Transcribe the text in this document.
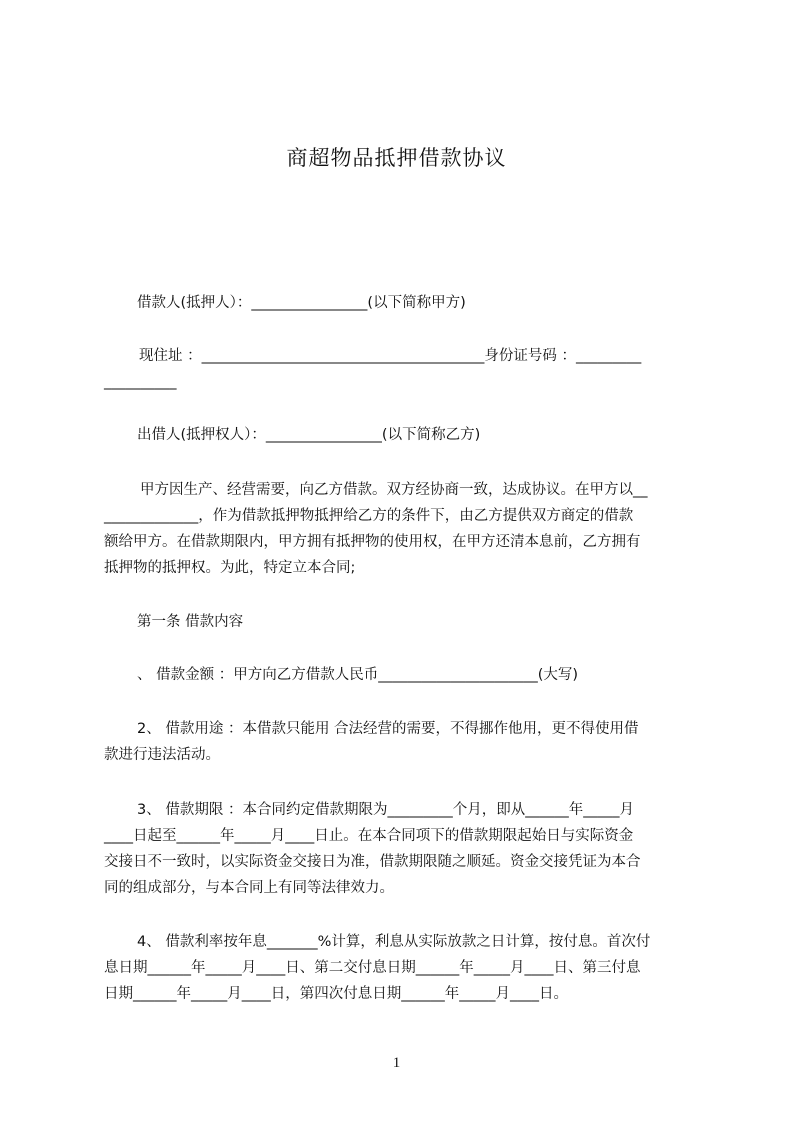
商超物品抵押借款协议
借款人(抵押人）：________________(以下简称甲方)
现住址 ：_______________________________________身份证号码 ：_________
__________
出借人(抵押权人）：________________(以下简称乙方)
甲方因生产、经营需要，向乙方借款。双方经协商一致，达成协议。在甲方以__
_____________，作为借款抵押物抵押给乙方的条件下，由乙方提供双方商定的借款
额给甲方。在借款期限内，甲方拥有抵押物的使用权，在甲方还清本息前，乙方拥有
抵押物的抵押权。为此，特定立本合同;
第一条 借款内容
、 借款金额 ：甲方向乙方借款人民币______________________(大写)
2、 借款用途 ：本借款只能用 合法经营的需要，不得挪作他用，更不得使用借
款进行违法活动。
3、 借款期限 ：本合同约定借款期限为_________个月，即从______年_____月
____日起至______年_____月____日止。在本合同项下的借款期限起始日与实际资金
交接日不一致时，以实际资金交接日为准，借款期限随之顺延。资金交接凭证为本合
同的组成部分，与本合同上有同等法律效力。
4、 借款利率按年息_______%计算，利息从实际放款之日计算，按付息。首次付
息日期______年_____月____日、第二交付息日期______年_____月____日、第三付息
日期______年_____月____日，第四次付息日期______年_____月____日。
1
